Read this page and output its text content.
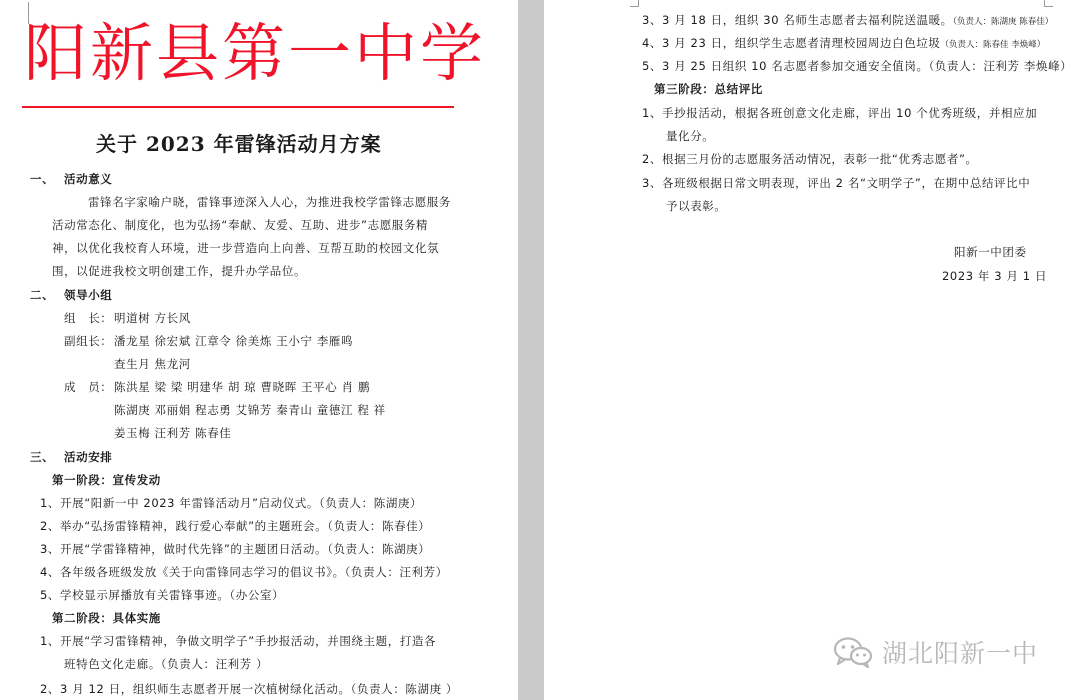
阳新县第一中学
关于 2023 年雷锋活动月方案
一、 活动意义
雷锋名字家喻户晓，雷锋事迹深入人心，为推进我校学雷锋志愿服务
活动常态化、制度化，也为弘扬“奉献、友爱、互助、进步”志愿服务精
神，以优化我校育人环境，进一步营造向上向善、互帮互助的校园文化氛
围，以促进我校文明创建工作，提升办学品位。
二、 领导小组
组　长： 明道树 方长风
副组长： 潘龙星 徐宏斌 江章令 徐美炼 王小宁 李雁鸣
查生月 焦龙河
成　员： 陈洪星 梁 梁 明建华 胡 琼 曹晓晖 王平心 肖 鹏
陈湖庚 邓丽娟 程志勇 艾锦芳 秦青山 童德江 程 祥
姜玉梅 汪利芳 陈春佳
三、 活动安排
第一阶段：宣传发动
1、开展“阳新一中 2023 年雷锋活动月”启动仪式。（负责人：陈湖庚）
2、举办“弘扬雷锋精神，践行爱心奉献”的主题班会。（负责人：陈春佳）
3、开展“学雷锋精神，做时代先锋”的主题团日活动。（负责人：陈湖庚）
4、各年级各班级发放《关于向雷锋同志学习的倡议书》。（负责人：汪利芳）
5、学校显示屏播放有关雷锋事迹。（办公室）
第二阶段：具体实施
1、开展“学习雷锋精神，争做文明学子”手抄报活动，并围绕主题，打造各
班特色文化走廊。（负责人：汪利芳 ）
2、3 月 12 日，组织师生志愿者开展一次植树绿化活动。（负责人：陈湖庚 ）
3、3 月 18 日，组织 30 名师生志愿者去福利院送温暖。（负责人：陈湖庚 陈春佳）
4、3 月 23 日，组织学生志愿者清理校园周边白色垃圾（负责人：陈春佳 李焕峰）
5、3 月 25 日组织 10 名志愿者参加交通安全值岗。（负责人：汪利芳 李焕峰）
第三阶段：总结评比
1、手抄报活动，根据各班创意文化走廊，评出 10 个优秀班级，并相应加
量化分。
2、根据三月份的志愿服务活动情况，表彰一批“优秀志愿者”。
3、各班级根据日常文明表现，评出 2 名“文明学子”，在期中总结评比中
予以表彰。
阳新一中团委
2023 年 3 月 1 日
湖北阳新一中
